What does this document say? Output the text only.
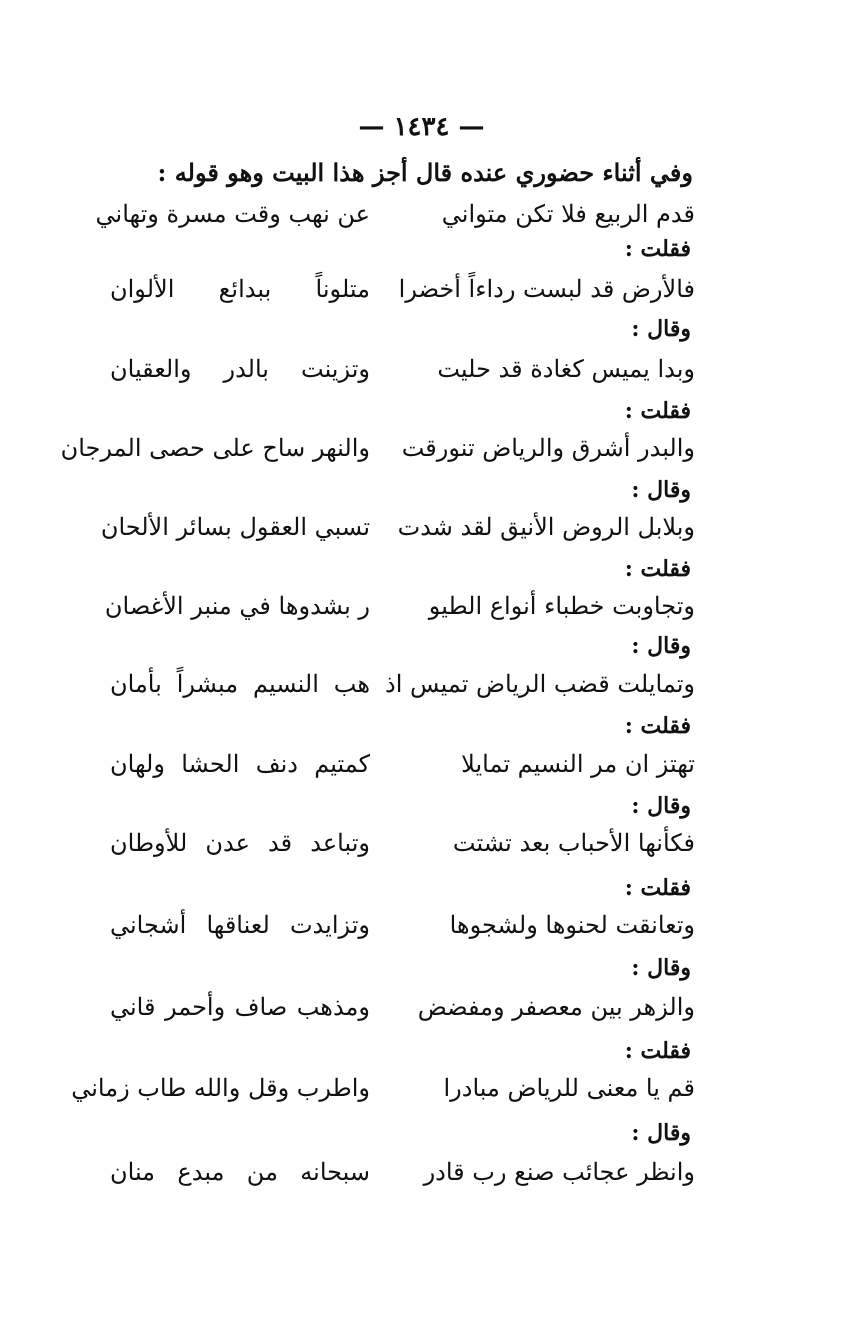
— ١٤٣٤ —
وفي أثناء حضوري عنده قال أجز هذا البيت وهو قوله :
قدم الربيع فلا تكن متواني
عن نهب وقت مسرة وتهاني
فقلت :
فالأرض قد لبست رداءاً أخضرا
متلوناً ببدائع الألوان
وقال :
وبدا يميس كغادة قد حليت
وتزينت بالدر والعقيان
فقلت :
والبدر أشرق والرياض تنورقت
والنهر ساح على حصى المرجان
وقال :
وبلابل الروض الأنيق لقد شدت
تسبي العقول بسائر الألحان
فقلت :
وتجاوبت خطباء أنواع الطيو
ر بشدوها في منبر الأغصان
وقال :
وتمايلت قضب الرياض تميس اذ
هب النسيم مبشراً بأمان
فقلت :
تهتز ان مر النسيم تمايلا
كمتيم دنف الحشا ولهان
وقال :
فكأنها الأحباب بعد تشتت
وتباعد قد عدن للأوطان
فقلت :
وتعانقت لحنوها ولشجوها
وتزايدت لعناقها أشجاني
وقال :
والزهر بين معصفر ومفضض
ومذهب صاف وأحمر قاني
فقلت :
قم يا معنى للرياض مبادرا
واطرب وقل والله طاب زماني
وقال :
وانظر عجائب صنع رب قادر
سبحانه من مبدع منان
